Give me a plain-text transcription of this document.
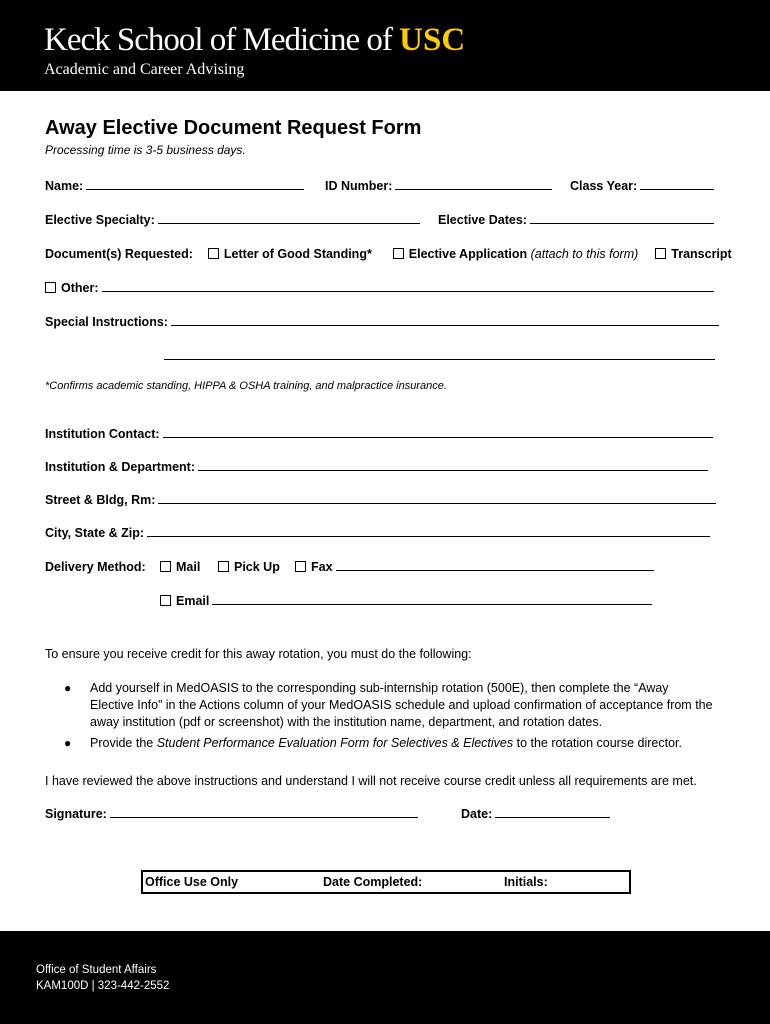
Keck School of Medicine of USC
Academic and Career Advising
Away Elective Document Request Form
Processing time is 3-5 business days.
Name:	ID Number:	Class Year:
Elective Specialty:	Elective Dates:
Document(s) Requested: Letter of Good Standing*	Elective Application (attach to this form)	Transcript
Other:
Special Instructions:
*Confirms academic standing, HIPPA & OSHA training, and malpractice insurance.
Institution Contact:
Institution & Department:
Street & Bldg, Rm:
City, State & Zip:
Delivery Method:	Mail	Pick Up	Fax
Email
To ensure you receive credit for this away rotation, you must do the following:
●	Add yourself in MedOASIS to the corresponding sub-internship rotation (500E), then complete the “Away Elective Info” in the Actions column of your MedOASIS schedule and upload confirmation of acceptance from the away institution (pdf or screenshot) with the institution name, department, and rotation dates.
●	Provide the Student Performance Evaluation Form for Selectives & Electives to the rotation course director.
I have reviewed the above instructions and understand I will not receive course credit unless all requirements are met.
Signature:	Date:
Office Use Only	Date Completed:	Initials:
Office of Student Affairs
KAM100D | 323-442-2552
